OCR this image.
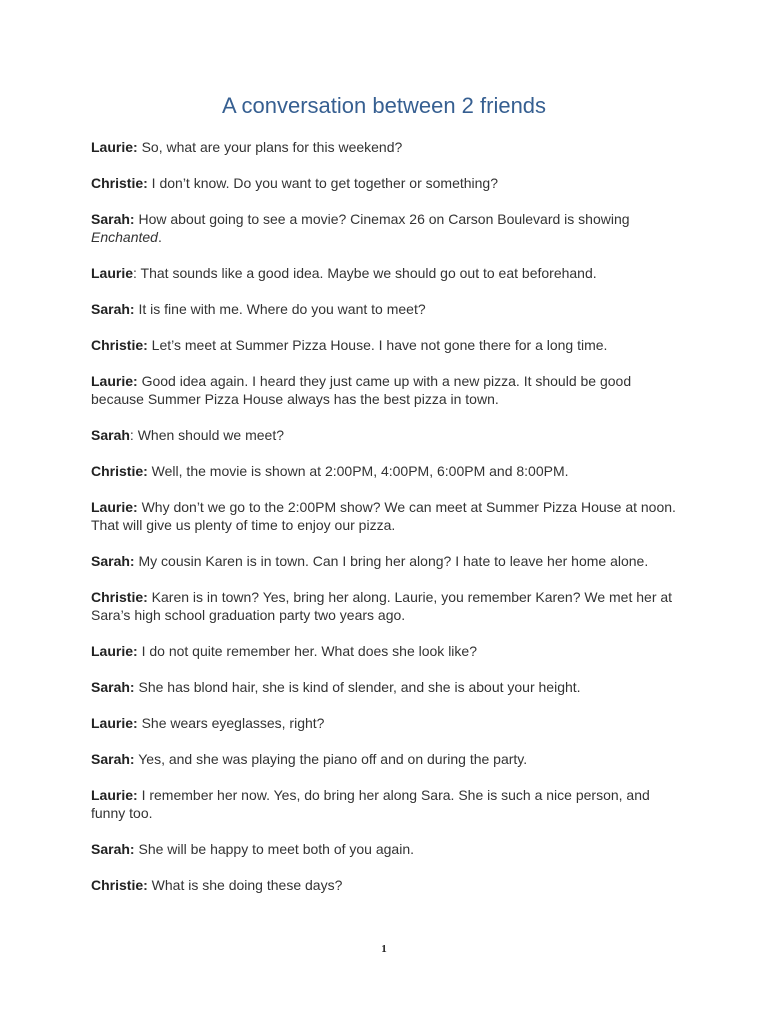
A conversation between 2 friends
Laurie: So, what are your plans for this weekend?
Christie: I don’t know. Do you want to get together or something?
Sarah: How about going to see a movie? Cinemax 26 on Carson Boulevard is showing Enchanted.
Laurie: That sounds like a good idea. Maybe we should go out to eat beforehand.
Sarah: It is fine with me. Where do you want to meet?
Christie: Let’s meet at Summer Pizza House. I have not gone there for a long time.
Laurie: Good idea again. I heard they just came up with a new pizza. It should be good because Summer Pizza House always has the best pizza in town.
Sarah: When should we meet?
Christie: Well, the movie is shown at 2:00PM, 4:00PM, 6:00PM and 8:00PM.
Laurie: Why don’t we go to the 2:00PM show? We can meet at Summer Pizza House at noon. That will give us plenty of time to enjoy our pizza.
Sarah: My cousin Karen is in town. Can I bring her along? I hate to leave her home alone.
Christie: Karen is in town? Yes, bring her along. Laurie, you remember Karen? We met her at Sara’s high school graduation party two years ago.
Laurie: I do not quite remember her. What does she look like?
Sarah: She has blond hair, she is kind of slender, and she is about your height.
Laurie: She wears eyeglasses, right?
Sarah: Yes, and she was playing the piano off and on during the party.
Laurie: I remember her now. Yes, do bring her along Sara. She is such a nice person, and funny too.
Sarah: She will be happy to meet both of you again.
Christie: What is she doing these days?
1
